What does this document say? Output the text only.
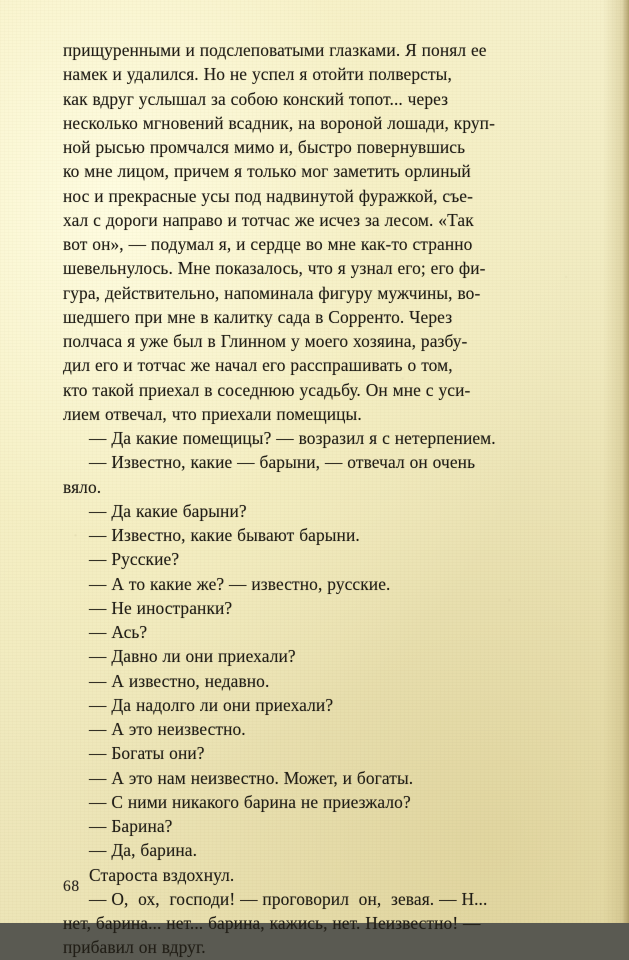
прищуренными и подслеповатыми глазками. Я понял ее
намек и удалился. Но не успел я отойти полверсты,
как вдруг услышал за собою конский топот... через
несколько мгновений всадник, на вороной лошади, круп-
ной рысью промчался мимо и, быстро повернувшись
ко мне лицом, причем я только мог заметить орлиный
нос и прекрасные усы под надвинутой фуражкой, съе-
хал с дороги направо и тотчас же исчез за лесом. «Так
вот он», — подумал я, и сердце во мне как-то странно
шевельнулось. Мне показалось, что я узнал его; его фи-
гура, действительно, напоминала фигуру мужчины, во-
шедшего при мне в калитку сада в Сорренто. Через
полчаса я уже был в Глинном у моего хозяина, разбу-
дил его и тотчас же начал его расспрашивать о том,
кто такой приехал в соседнюю усадьбу. Он мне с уси-
лием отвечал, что приехали помещицы.

— Да какие помещицы? — возразил я с нетерпением.

— Известно, какие — барыни, — отвечал он очень

вяло.

— Да какие барыни?

— Известно, какие бывают барыни.

— Русские?

— А то какие же? — известно, русские.

— Не иностранки?

— Ась?

— Давно ли они приехали?

— А известно, недавно.

— Да надолго ли они приехали?

— А это неизвестно.

— Богаты они?

— А это нам неизвестно. Может, и богаты.

— С ними никакого барина не приезжало?

— Барина?

— Да, барина.

Староста вздохнул.

— О,  ох,  господи! — проговорил  он,  зевая. — Н...
нет, барина... нет... барина, кажись, нет. Неизвестно! —
прибавил он вдруг.

68
